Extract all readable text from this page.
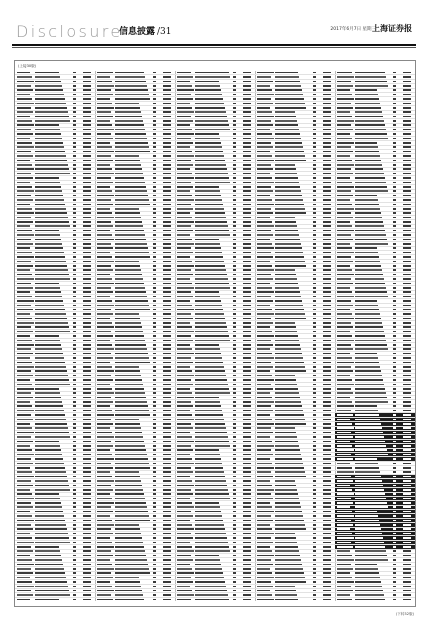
Disclosure
信息披露 /31	2017年6月7日 星期三
上海证券报
(上接30版)
(下转32版)
